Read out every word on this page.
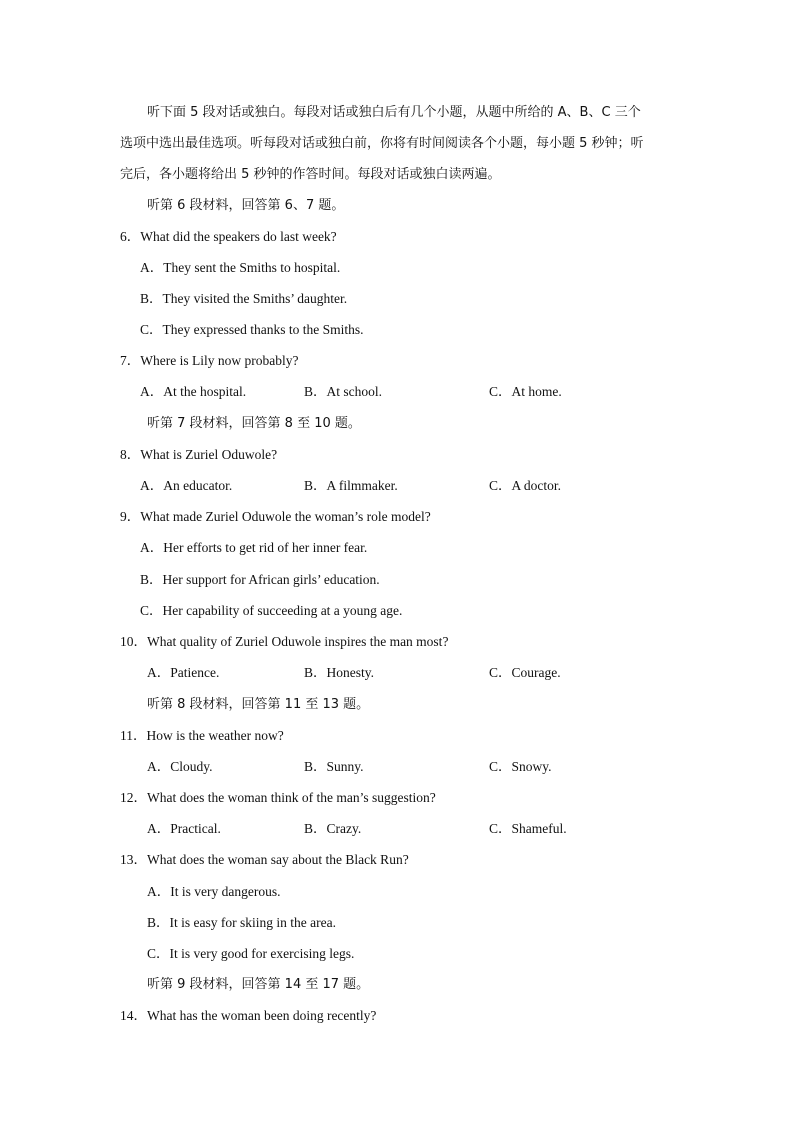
听下面 5 段对话或独白。每段对话或独白后有几个小题，从题中所给的 A、B、C 三个
选项中选出最佳选项。听每段对话或独白前，你将有时间阅读各个小题，每小题 5 秒钟；听
完后，各小题将给出 5 秒钟的作答时间。每段对话或独白读两遍。
听第 6 段材料，回答第 6、7 题。
6．What did the speakers do last week?
A．They sent the Smiths to hospital.
B．They visited the Smiths’ daughter.
C．They expressed thanks to the Smiths.
7．Where is Lily now probably?
A．At the hospital.	B．At school.	C．At home.
听第 7 段材料，回答第 8 至 10 题。
8．What is Zuriel Oduwole?
A．An educator.	B．A filmmaker.	C．A doctor.
9．What made Zuriel Oduwole the woman’s role model?
A．Her efforts to get rid of her inner fear.
B．Her support for African girls’ education.
C．Her capability of succeeding at a young age.
10．What quality of Zuriel Oduwole inspires the man most?
A．Patience.	B．Honesty.	C．Courage.
听第 8 段材料，回答第 11 至 13 题。
11．How is the weather now?
A．Cloudy.	B．Sunny.	C．Snowy.
12．What does the woman think of the man’s suggestion?
A．Practical.	B．Crazy.	C．Shameful.
13．What does the woman say about the Black Run?
A．It is very dangerous.
B．It is easy for skiing in the area.
C．It is very good for exercising legs.
听第 9 段材料，回答第 14 至 17 题。
14．What has the woman been doing recently?
